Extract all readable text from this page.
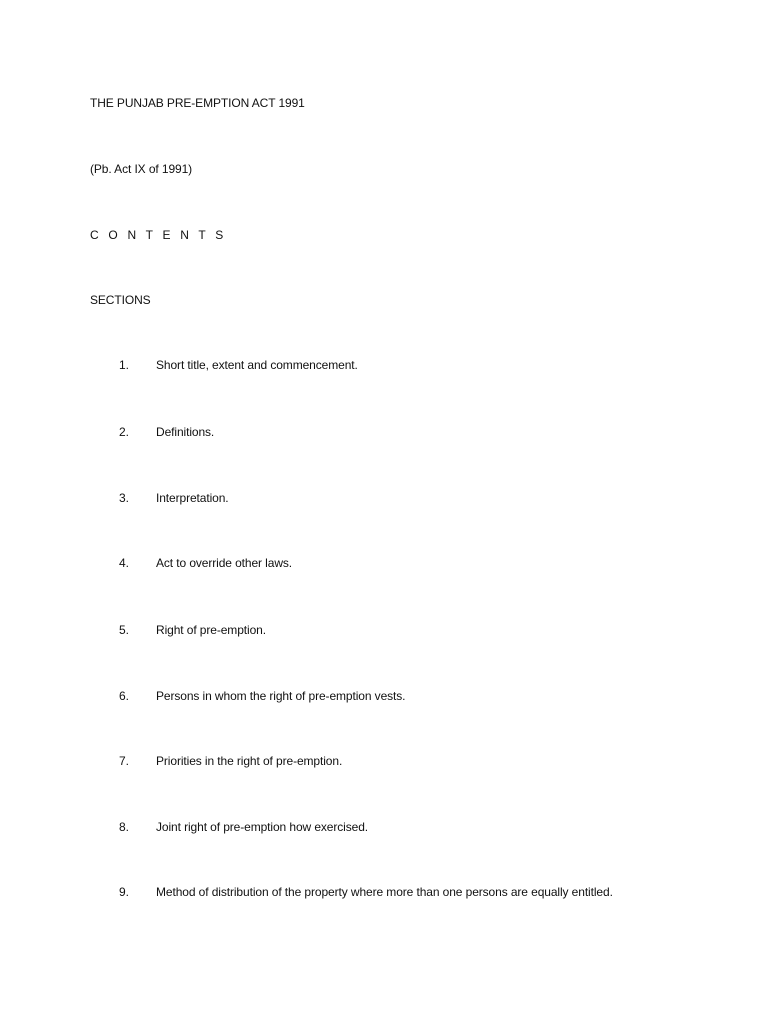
THE PUNJAB PRE-EMPTION ACT 1991
(Pb. Act IX of 1991)
C O N T E N T S
SECTIONS
1. Short title, extent and commencement.
2. Definitions.
3. Interpretation.
4. Act to override other laws.
5. Right of pre-emption.
6. Persons in whom the right of pre-emption vests.
7. Priorities in the right of pre-emption.
8. Joint right of pre-emption how exercised.
9. Method of distribution of the property where more than one persons are equally entitled.
